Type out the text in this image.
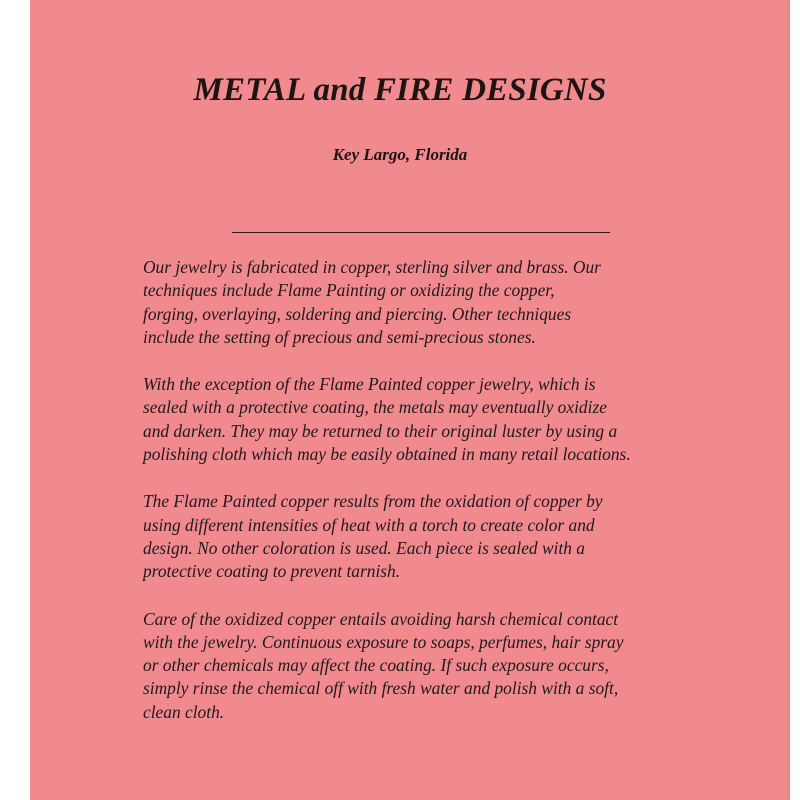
METAL and FIRE DESIGNS
Key Largo, Florida

Our jewelry is fabricated in copper, sterling silver and brass. Our
techniques include Flame Painting or oxidizing the copper,
forging, overlaying, soldering and piercing. Other techniques
include the setting of precious and semi-precious stones.

With the exception of the Flame Painted copper jewelry, which is
sealed with a protective coating, the metals may eventually oxidize
and darken. They may be returned to their original luster by using a
polishing cloth which may be easily obtained in many retail locations.

The Flame Painted copper results from the oxidation of copper by
using different intensities of heat with a torch to create color and
design. No other coloration is used. Each piece is sealed with a
protective coating to prevent tarnish.

Care of the oxidized copper entails avoiding harsh chemical contact
with the jewelry. Continuous exposure to soaps, perfumes, hair spray
or other chemicals may affect the coating. If such exposure occurs,
simply rinse the chemical off with fresh water and polish with a soft,
clean cloth.
